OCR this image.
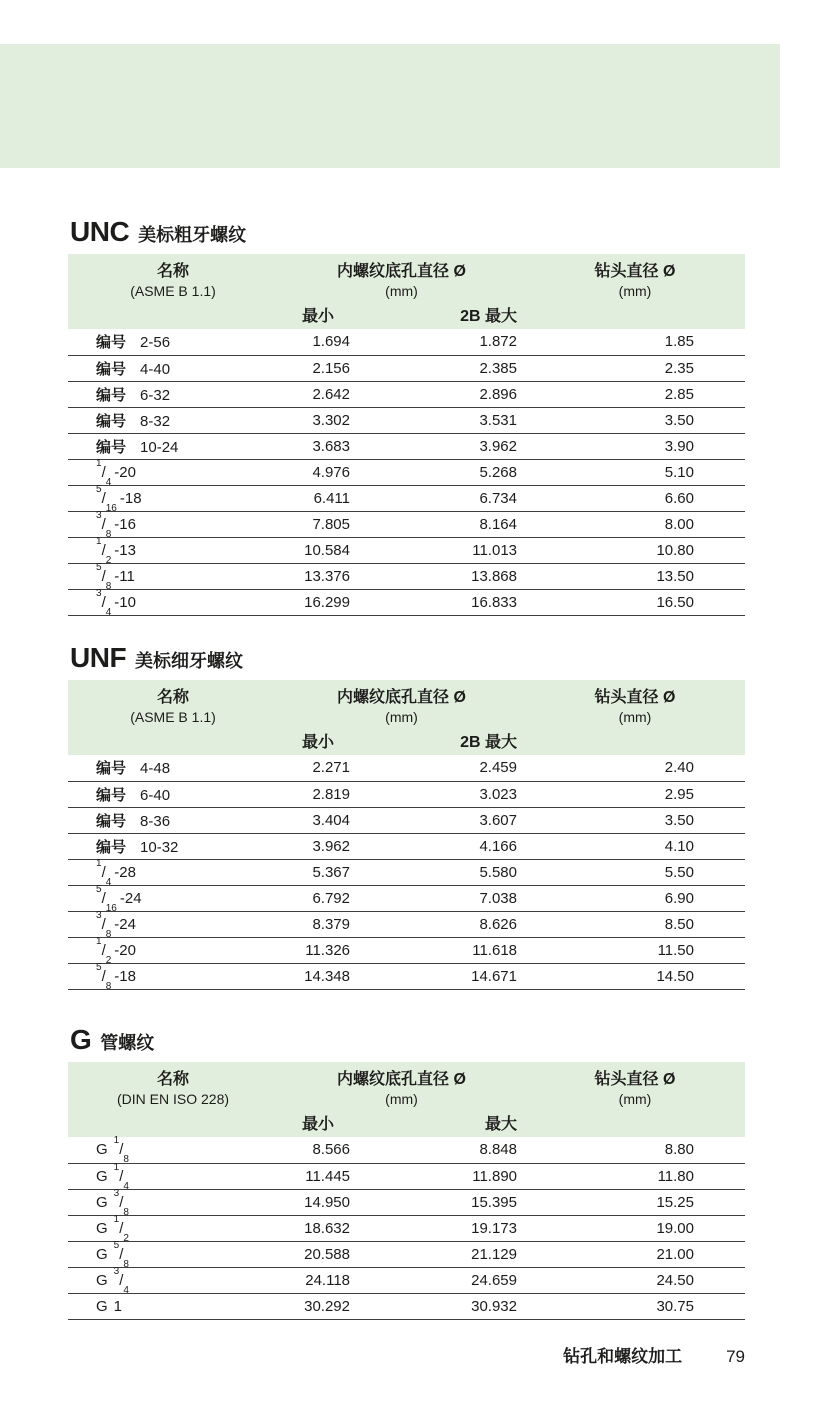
UNC 美标粗牙螺纹
名称
(ASME B 1.1)	内螺纹底孔直径 Ø
(mm)		钻头直径 Ø
(mm)

	最小	2B 最大	
编号 2-56	1.694	1.872	1.85
编号 4-40	2.156	2.385	2.35
编号 6-32	2.642	2.896	2.85
编号 8-32	3.302	3.531	3.50
编号 10-24	3.683	3.962	3.90
$^1/_4-20$	4.976	5.268	5.10
$^5/_{16}-18$	6.411	6.734	6.60
$^3/_8-16$	7.805	8.164	8.00
$^1/_2-13$	10.584	11.013	10.80
$^5/_8-11$	13.376	13.868	13.50
$^3/_4-10$	16.299	16.833	16.50
UNF 美标细牙螺纹
名称
(ASME B 1.1)	内螺纹底孔直径 Ø
(mm)		钻头直径 Ø
(mm)

	最小	2B 最大	
编号 4-48	2.271	2.459	2.40
编号 6-40	2.819	3.023	2.95
编号 8-36	3.404	3.607	3.50
编号 10-32	3.962	4.166	4.10
$^1/_4-28$	5.367	5.580	5.50
$^5/_{16}-24$	6.792	7.038	6.90
$^3/_8-24$	8.379	8.626	8.50
$^1/_2-20$	11.326	11.618	11.50
$^5/_8-18$	14.348	14.671	14.50
G管螺纹
名称
(DIN EN ISO 228)	内螺纹底孔直径 Ø
(mm)		钻头直径 Ø
(mm)

	最小	最大	
$G^1/_8$	8.566	8.848	8.80
$G^1/_4$	11.445	11.890	11.80
$G^3/_8$	14.950	15.395	15.25
$G^1/_2$	18.632	19.173	19.00
$G^5/_8$	20.588	21.129	21.00
$G^3/_4$	24.118	24.659	24.50
G 1	30.292	30.932	30.75
钻孔和螺纹加工	79
